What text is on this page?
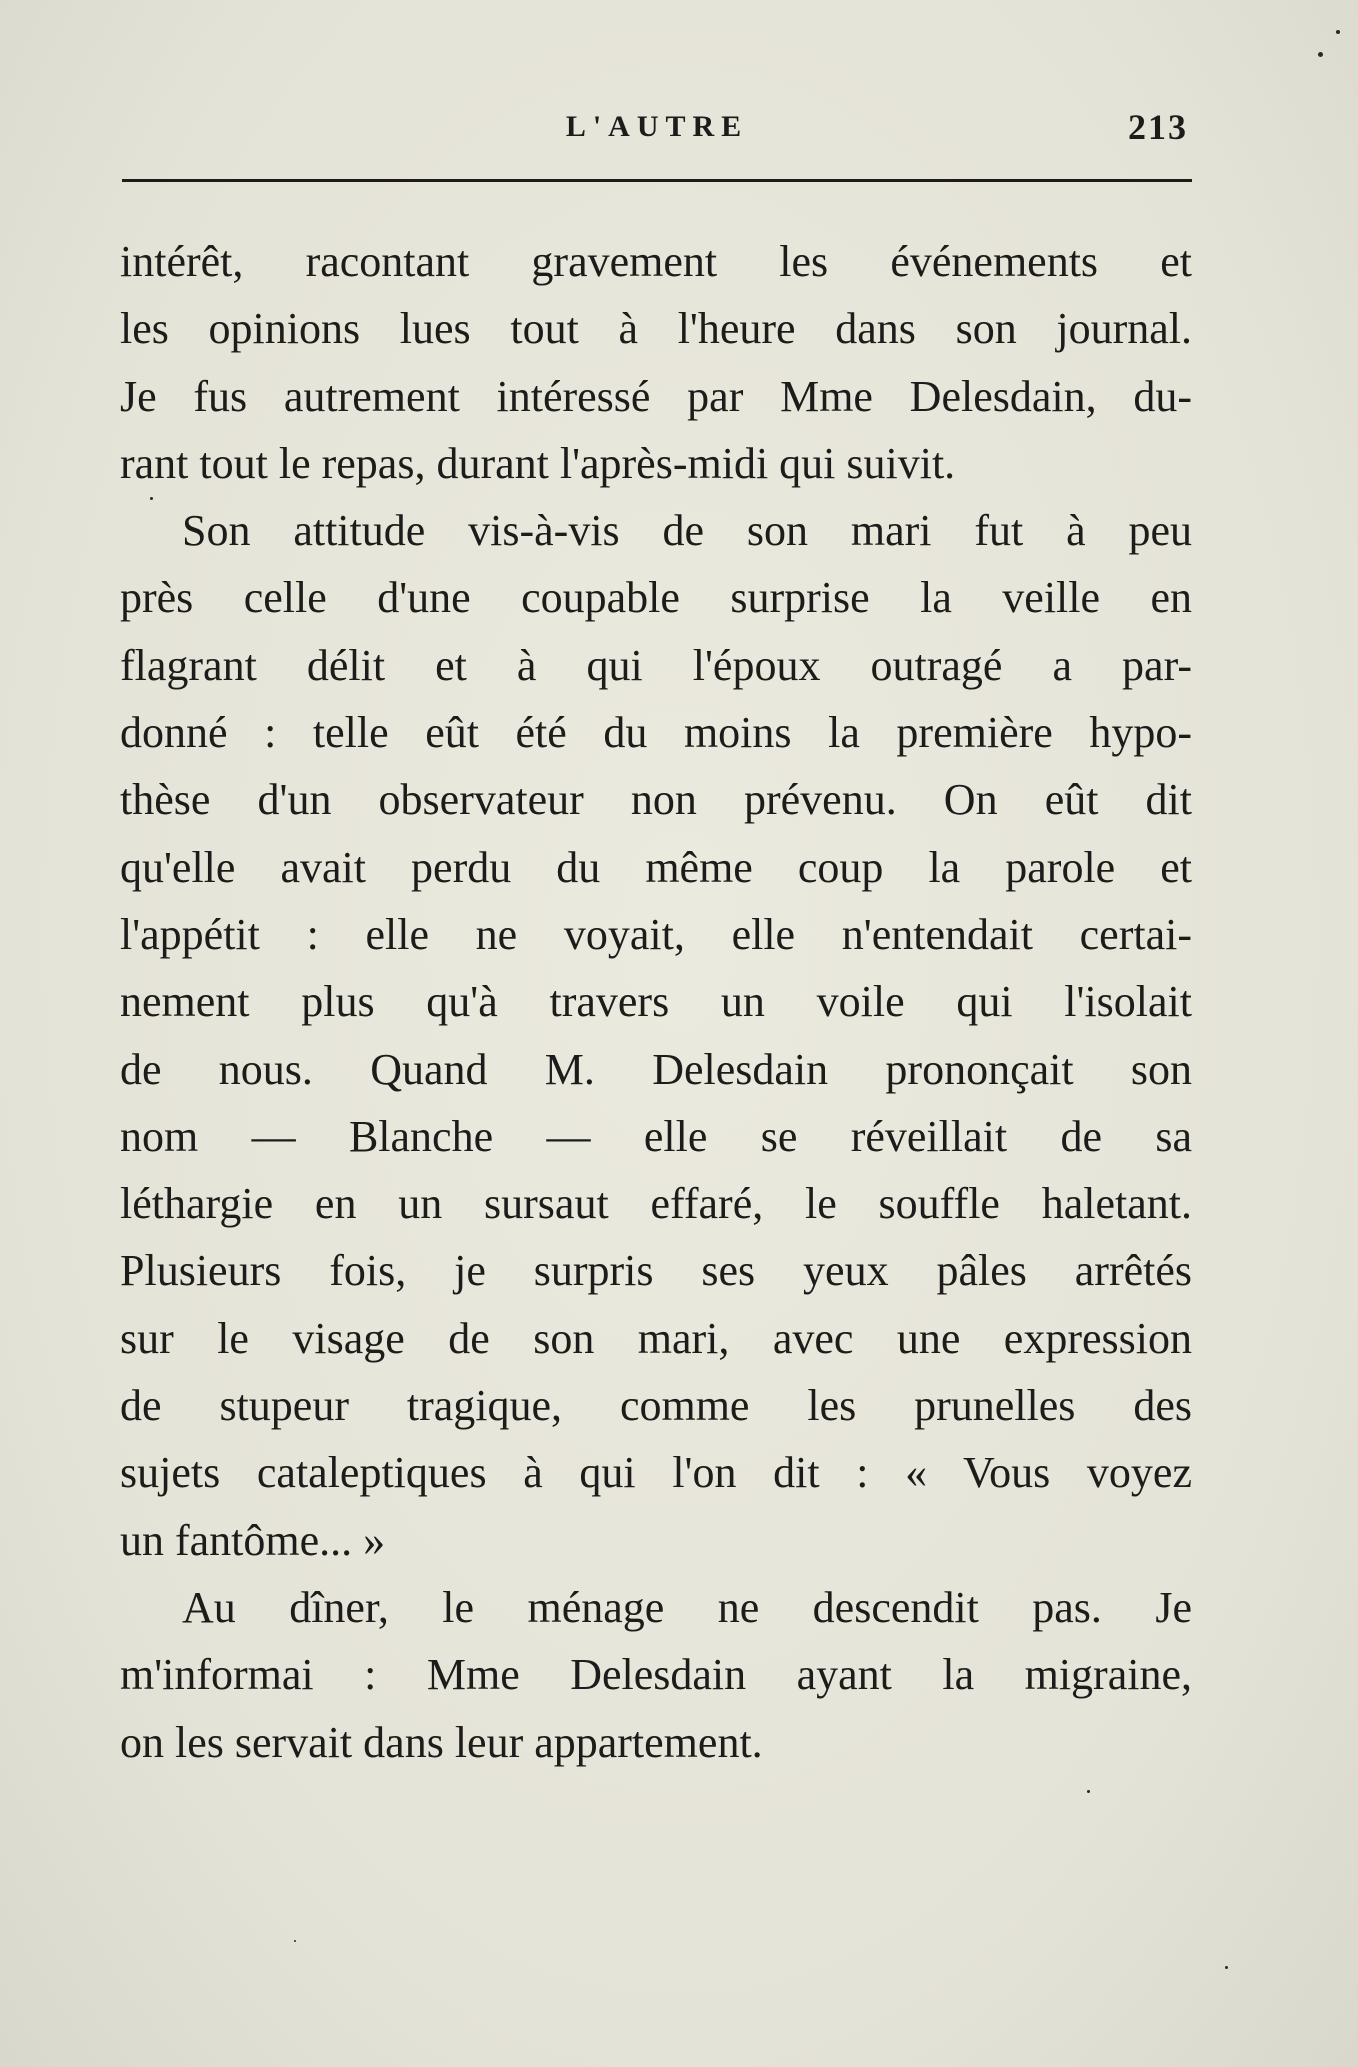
L'AUTRE	213
intérêt, racontant gravement les événements et
les opinions lues tout à l'heure dans son journal.
Je fus autrement intéressé par Mme Delesdain, du-
rant tout le repas, durant l'après-midi qui suivit.
Son attitude vis-à-vis de son mari fut à peu
près celle d'une coupable surprise la veille en
flagrant délit et à qui l'époux outragé a par-
donné : telle eût été du moins la première hypo-
thèse d'un observateur non prévenu. On eût dit
qu'elle avait perdu du même coup la parole et
l'appétit : elle ne voyait, elle n'entendait certai-
nement plus qu'à travers un voile qui l'isolait
de nous. Quand M. Delesdain prononçait son
nom — Blanche — elle se réveillait de sa
léthargie en un sursaut effaré, le souffle haletant.
Plusieurs fois, je surpris ses yeux pâles arrêtés
sur le visage de son mari, avec une expression
de stupeur tragique, comme les prunelles des
sujets cataleptiques à qui l'on dit : « Vous voyez
un fantôme... »
Au dîner, le ménage ne descendit pas. Je
m'informai : Mme Delesdain ayant la migraine,
on les servait dans leur appartement.
